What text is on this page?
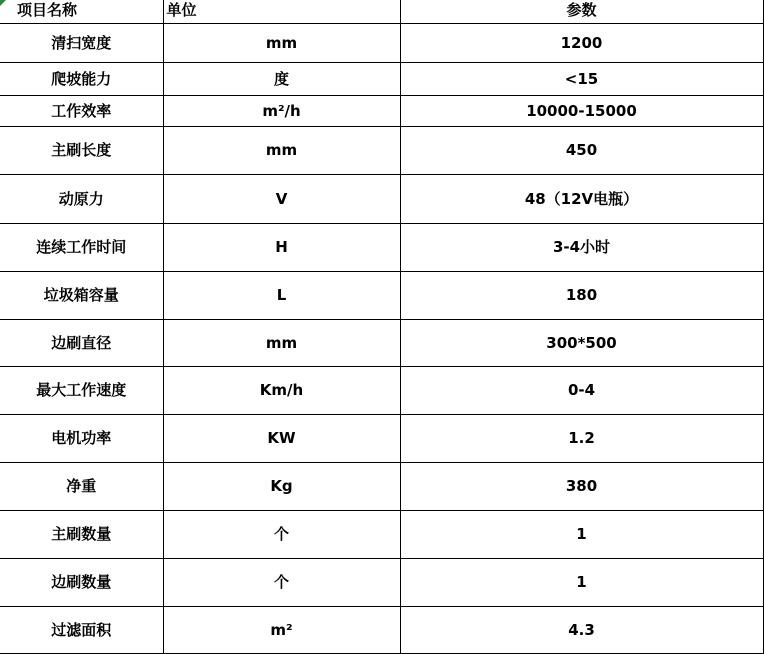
项目名称	单位	参数
清扫宽度	mm	1200
爬坡能力	度	<15
工作效率	m²/h	10000-15000
主刷长度	mm	450
动原力	V	48（12V电瓶）
连续工作时间	H	3-4小时
垃圾箱容量	L	180
边刷直径	mm	300*500
最大工作速度	Km/h	0-4
电机功率	KW	1.2
净重	Kg	380
主刷数量	个	1
边刷数量	个	1
过滤面积	m²	4.3
